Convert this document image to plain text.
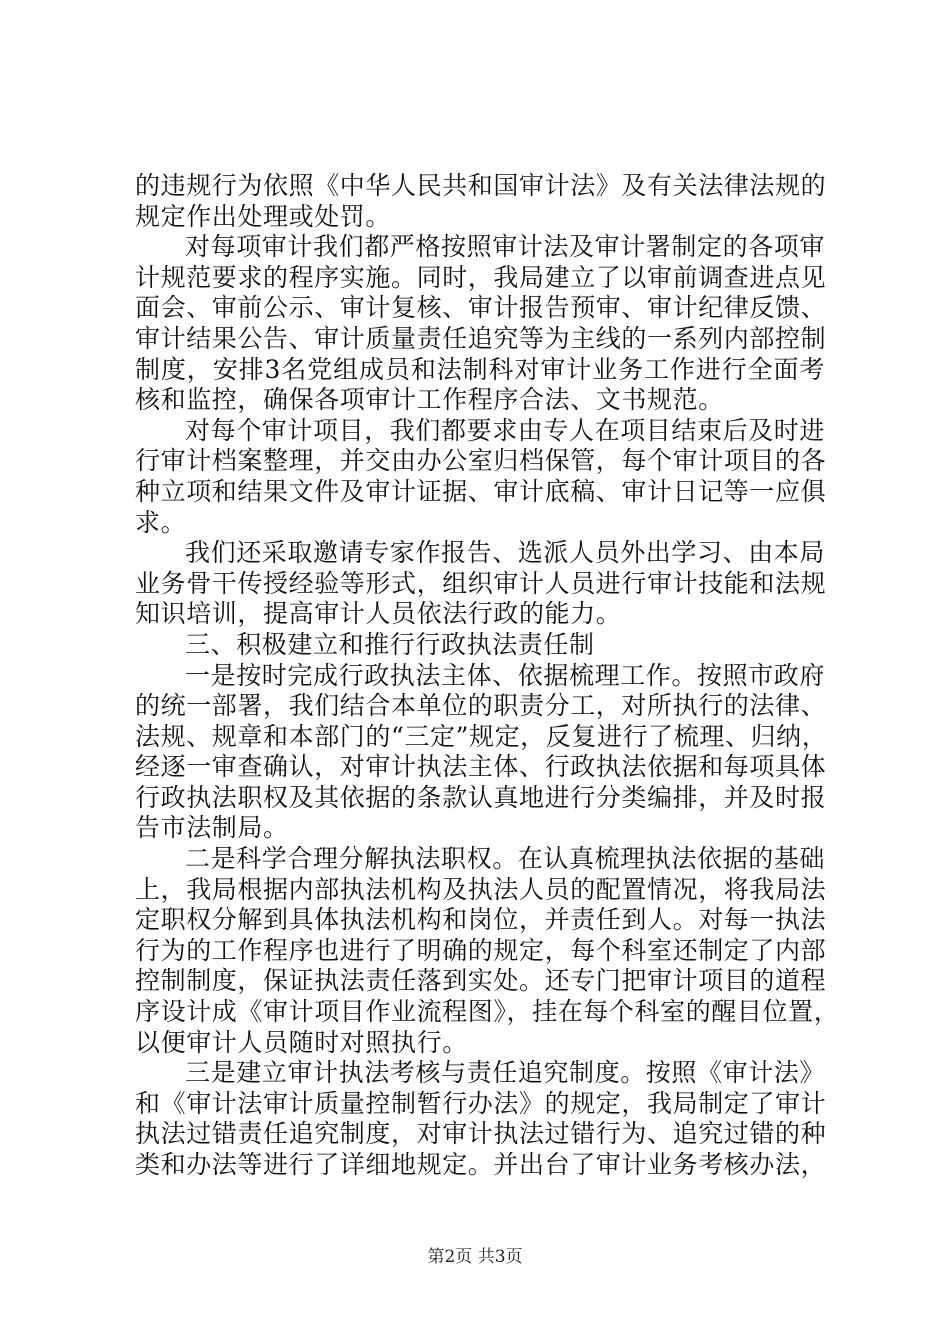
的违规行为依照《中华人民共和国审计法》及有关法律法规的
规定作出处理或处罚。
对每项审计我们都严格按照审计法及审计署制定的各项审
计规范要求的程序实施。同时，我局建立了以审前调查进点见
面会、审前公示、审计复核、审计报告预审、审计纪律反馈、
审计结果公告、审计质量责任追究等为主线的一系列内部控制
制度，安排3名党组成员和法制科对审计业务工作进行全面考
核和监控，确保各项审计工作程序合法、文书规范。
对每个审计项目，我们都要求由专人在项目结束后及时进
行审计档案整理，并交由办公室归档保管，每个审计项目的各
种立项和结果文件及审计证据、审计底稿、审计日记等一应俱
求。
我们还采取邀请专家作报告、选派人员外出学习、由本局
业务骨干传授经验等形式，组织审计人员进行审计技能和法规
知识培训，提高审计人员依法行政的能力。
三、积极建立和推行行政执法责任制
一是按时完成行政执法主体、依据梳理工作。按照市政府
的统一部署，我们结合本单位的职责分工，对所执行的法律、
法规、规章和本部门的“三定”规定，反复进行了梳理、归纳，
经逐一审查确认，对审计执法主体、行政执法依据和每项具体
行政执法职权及其依据的条款认真地进行分类编排，并及时报
告市法制局。
二是科学合理分解执法职权。在认真梳理执法依据的基础
上，我局根据内部执法机构及执法人员的配置情况，将我局法
定职权分解到具体执法机构和岗位，并责任到人。对每一执法
行为的工作程序也进行了明确的规定，每个科室还制定了内部
控制制度，保证执法责任落到实处。还专门把审计项目的道程
序设计成《审计项目作业流程图》，挂在每个科室的醒目位置，
以便审计人员随时对照执行。
三是建立审计执法考核与责任追究制度。按照《审计法》
和《审计法审计质量控制暂行办法》的规定，我局制定了审计
执法过错责任追究制度，对审计执法过错行为、追究过错的种
类和办法等进行了详细地规定。并出台了审计业务考核办法，
第2页 共3页
